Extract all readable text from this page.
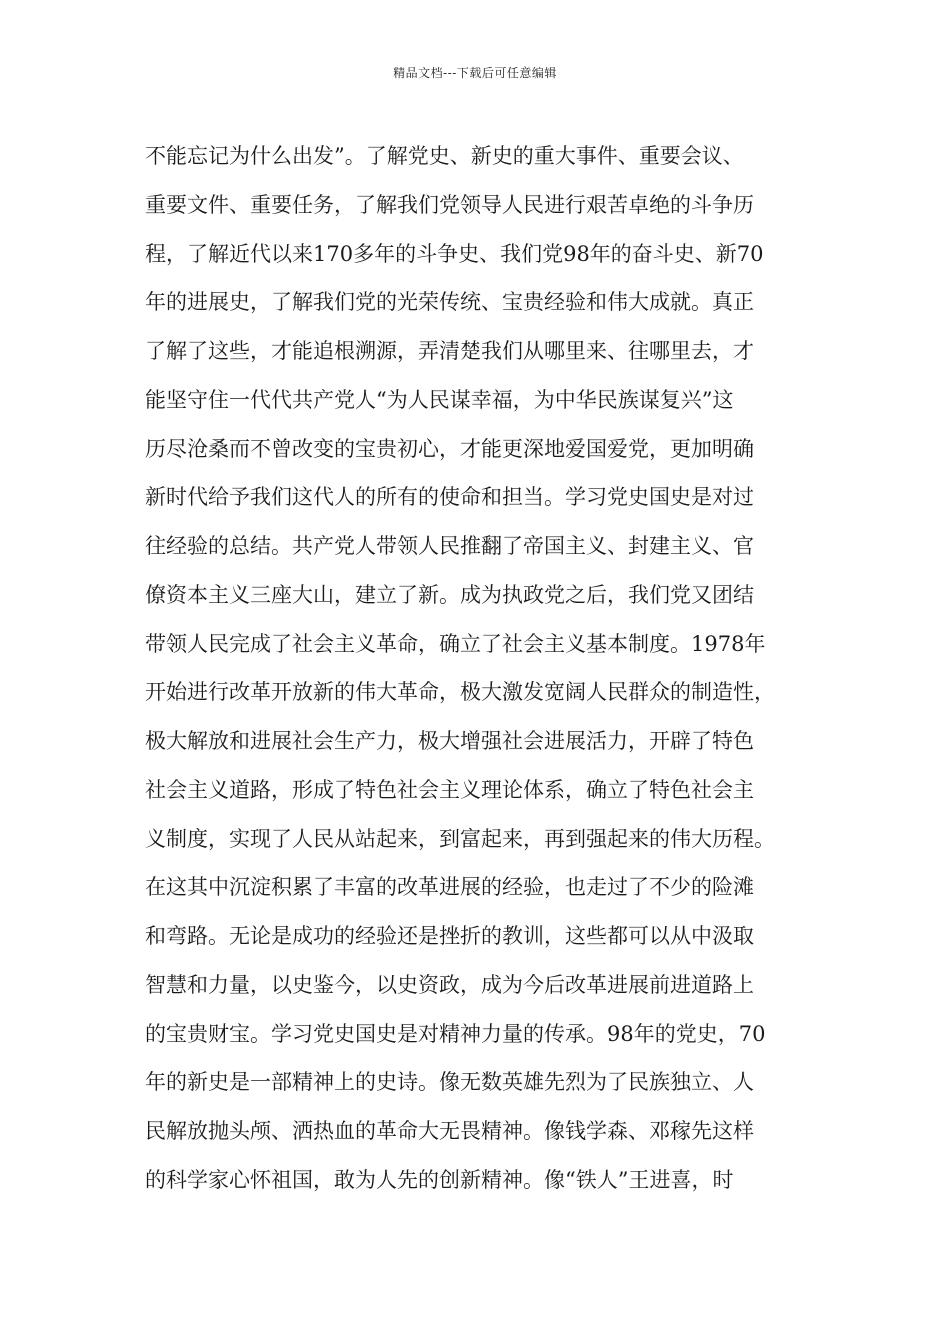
精品文档---下载后可任意编辑
不能忘记为什么出发”。了解党史、新史的重大事件、重要会议、
重要文件、重要任务，了解我们党领导人民进行艰苦卓绝的斗争历
程，了解近代以来170多年的斗争史、我们党98年的奋斗史、新70
年的进展史，了解我们党的光荣传统、宝贵经验和伟大成就。真正
了解了这些，才能追根溯源，弄清楚我们从哪里来、往哪里去，才
能坚守住一代代共产党人“为人民谋幸福，为中华民族谋复兴”这
历尽沧桑而不曾改变的宝贵初心，才能更深地爱国爱党，更加明确
新时代给予我们这代人的所有的使命和担当。学习党史国史是对过
往经验的总结。共产党人带领人民推翻了帝国主义、封建主义、官
僚资本主义三座大山，建立了新。成为执政党之后，我们党又团结
带领人民完成了社会主义革命，确立了社会主义基本制度。1978年
开始进行改革开放新的伟大革命，极大激发宽阔人民群众的制造性，
极大解放和进展社会生产力，极大增强社会进展活力，开辟了特色
社会主义道路，形成了特色社会主义理论体系，确立了特色社会主
义制度，实现了人民从站起来，到富起来，再到强起来的伟大历程。
在这其中沉淀积累了丰富的改革进展的经验，也走过了不少的险滩
和弯路。无论是成功的经验还是挫折的教训，这些都可以从中汲取
智慧和力量，以史鉴今，以史资政，成为今后改革进展前进道路上
的宝贵财宝。学习党史国史是对精神力量的传承。98年的党史，70
年的新史是一部精神上的史诗。像无数英雄先烈为了民族独立、人
民解放抛头颅、洒热血的革命大无畏精神。像钱学森、邓稼先这样
的科学家心怀祖国，敢为人先的创新精神。像“铁人”王进喜，时
